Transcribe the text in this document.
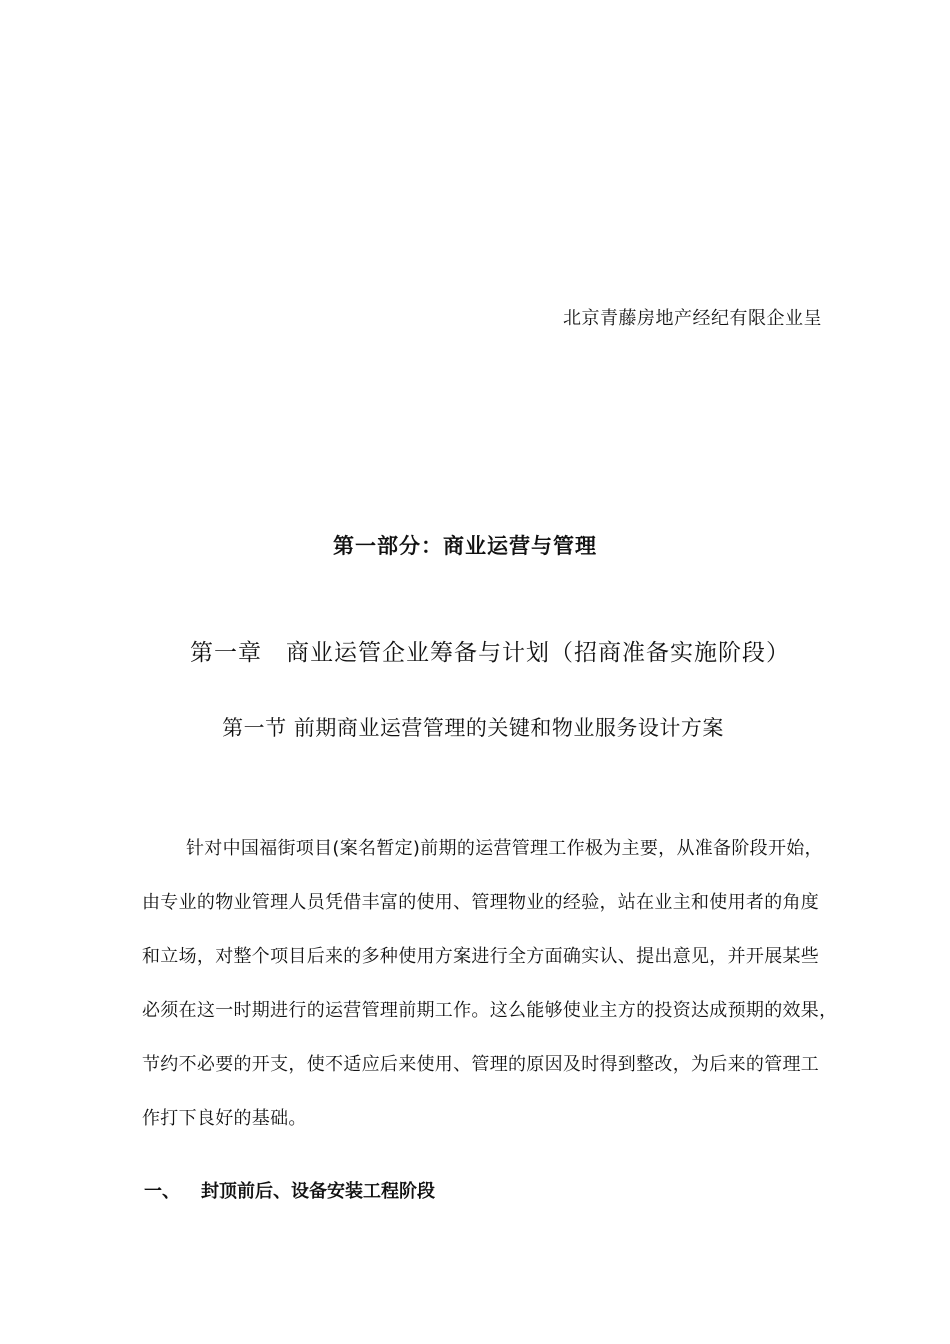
北京青藤房地产经纪有限企业呈
第一部分：商业运营与管理
第一章　商业运管企业筹备与计划（招商准备实施阶段）
第一节 前期商业运营管理的关键和物业服务设计方案
针对中国福街项目(案名暂定)前期的运营管理工作极为主要，从准备阶段开始，
由专业的物业管理人员凭借丰富的使用、管理物业的经验，站在业主和使用者的角度
和立场，对整个项目后来的多种使用方案进行全方面确实认、提出意见，并开展某些
必须在这一时期进行的运营管理前期工作。这么能够使业主方的投资达成预期的效果，
节约不必要的开支，使不适应后来使用、管理的原因及时得到整改，为后来的管理工
作打下良好的基础。
一、 封顶前后、设备安装工程阶段
